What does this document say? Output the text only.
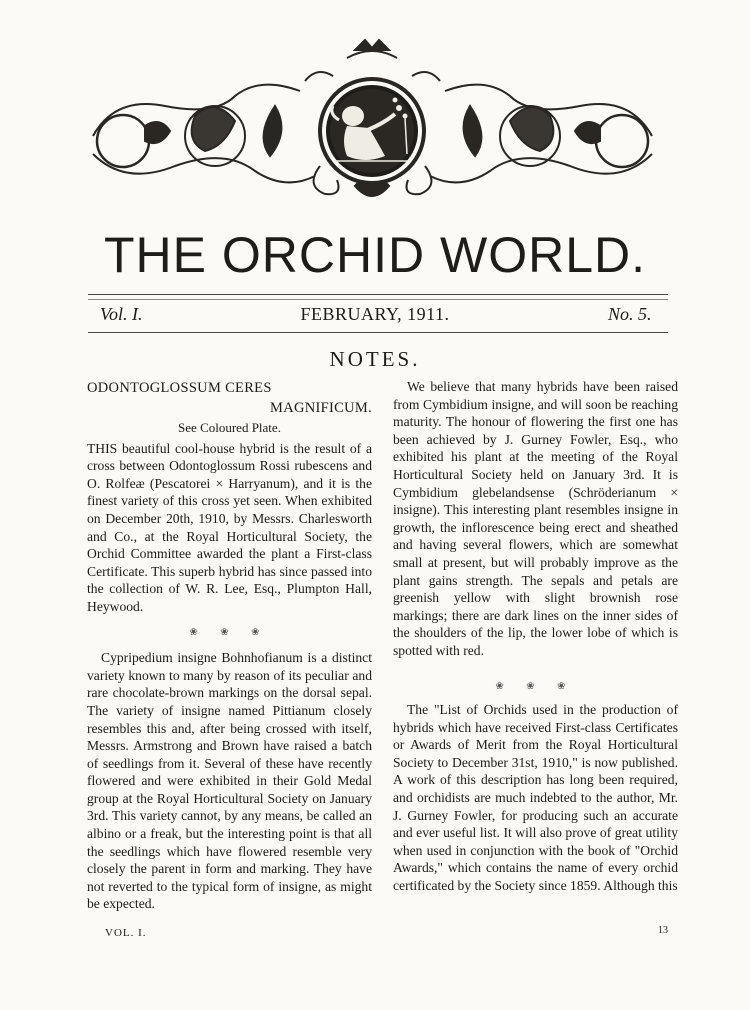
THE ORCHID WORLD.
Vol. I.	FEBRUARY, 1911.	No. 5.
NOTES.
ODONTOGLOSSUM CERES
MAGNIFICUM.
See Coloured Plate.

THIS beautiful cool-house hybrid is the result of a cross between Odontoglossum Rossi rubescens and O. Rolfeæ (Pescatorei × Harryanum), and it is the finest variety of this cross yet seen. When exhibited on December 20th, 1910, by Messrs. Charlesworth and Co., at the Royal Horticultural Society, the Orchid Committee awarded the plant a First-class Certificate. This superb hybrid has since passed into the collection of W. R. Lee, Esq., Plumpton Hall, Heywood.

❀ ❀ ❀

Cypripedium insigne Bohnhofianum is a distinct variety known to many by reason of its peculiar and rare chocolate-brown markings on the dorsal sepal. The variety of insigne named Pittianum closely resembles this and, after being crossed with itself, Messrs. Armstrong and Brown have raised a batch of seedlings from it. Several of these have recently flowered and were exhibited in their Gold Medal group at the Royal Horticultural Society on January 3rd. This variety cannot, by any means, be called an albino or a freak, but the interesting point is that all the seedlings which have flowered resemble very closely the parent in form and marking. They have not reverted to the typical form of insigne, as might be expected.

We believe that many hybrids have been raised from Cymbidium insigne, and will soon be reaching maturity. The honour of flowering the first one has been achieved by J. Gurney Fowler, Esq., who exhibited his plant at the meeting of the Royal Horticultural Society held on January 3rd. It is Cymbidium glebelandsense (Schröderianum × insigne). This interesting plant resembles insigne in growth, the inflorescence being erect and sheathed and having several flowers, which are somewhat small at present, but will probably improve as the plant gains strength. The sepals and petals are greenish yellow with slight brownish rose markings; there are dark lines on the inner sides of the shoulders of the lip, the lower lobe of which is spotted with red.

❀ ❀ ❀

The "List of Orchids used in the production of hybrids which have received First-class Certificates or Awards of Merit from the Royal Horticultural Society to December 31st, 1910," is now published. A work of this description has long been required, and orchidists are much indebted to the author, Mr. J. Gurney Fowler, for producing such an accurate and ever useful list. It will also prove of great utility when used in conjunction with the book of "Orchid Awards," which contains the name of every orchid certificated by the Society since 1859. Although this

VOL. I.	13
